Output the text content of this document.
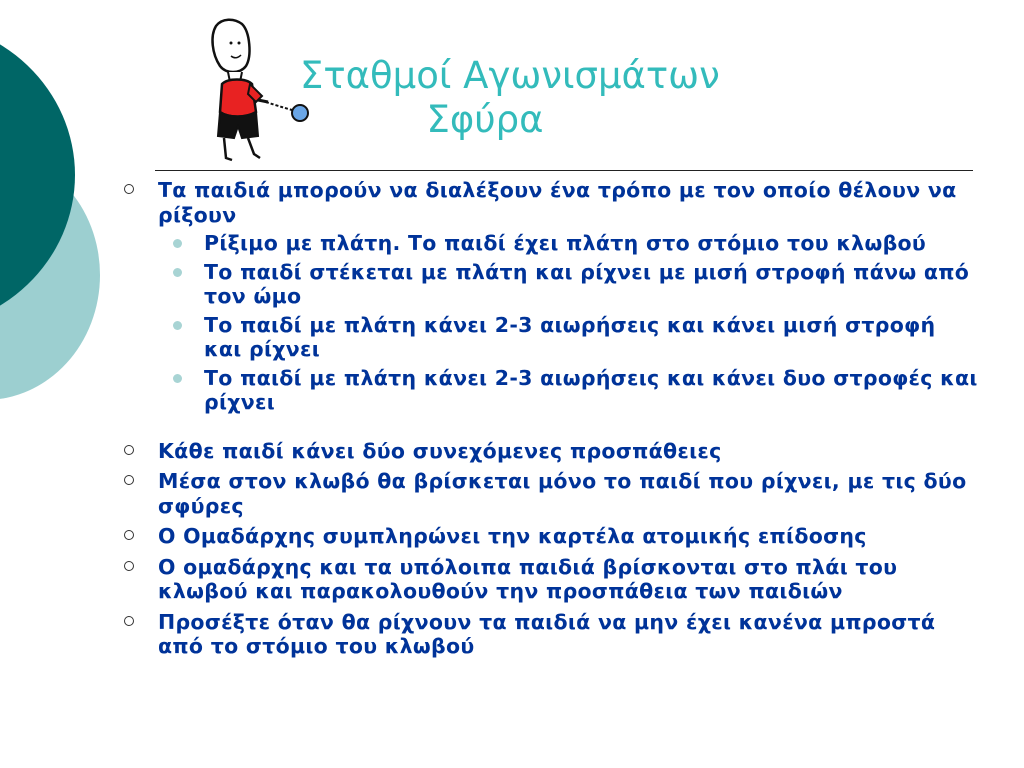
Σταθμοί Αγωνισμάτων
Σφύρα
Τα παιδιά μπορούν να διαλέξουν ένα τρόπο με τον οποίο θέλουν να ρίξουν
Ρίξιμο με πλάτη. Το παιδί έχει πλάτη στο στόμιο του κλωβού
Το παιδί στέκεται με πλάτη και ρίχνει με μισή στροφή πάνω από τον ώμο
Το παιδί με πλάτη κάνει 2-3 αιωρήσεις και κάνει μισή στροφή και ρίχνει
Το παιδί με πλάτη κάνει 2-3 αιωρήσεις και κάνει δυο στροφές και ρίχνει
Κάθε παιδί κάνει δύο συνεχόμενες προσπάθειες
Μέσα στον κλωβό θα βρίσκεται μόνο το παιδί που ρίχνει, με τις δύο σφύρες
Ο Ομαδάρχης συμπληρώνει την καρτέλα ατομικής επίδοσης
Ο ομαδάρχης και τα υπόλοιπα παιδιά βρίσκονται στο πλάι του κλωβού και παρακολουθούν την προσπάθεια των παιδιών
Προσέξτε όταν θα ρίχνουν τα παιδιά να μην έχει κανένα μπροστά από το στόμιο του κλωβού
